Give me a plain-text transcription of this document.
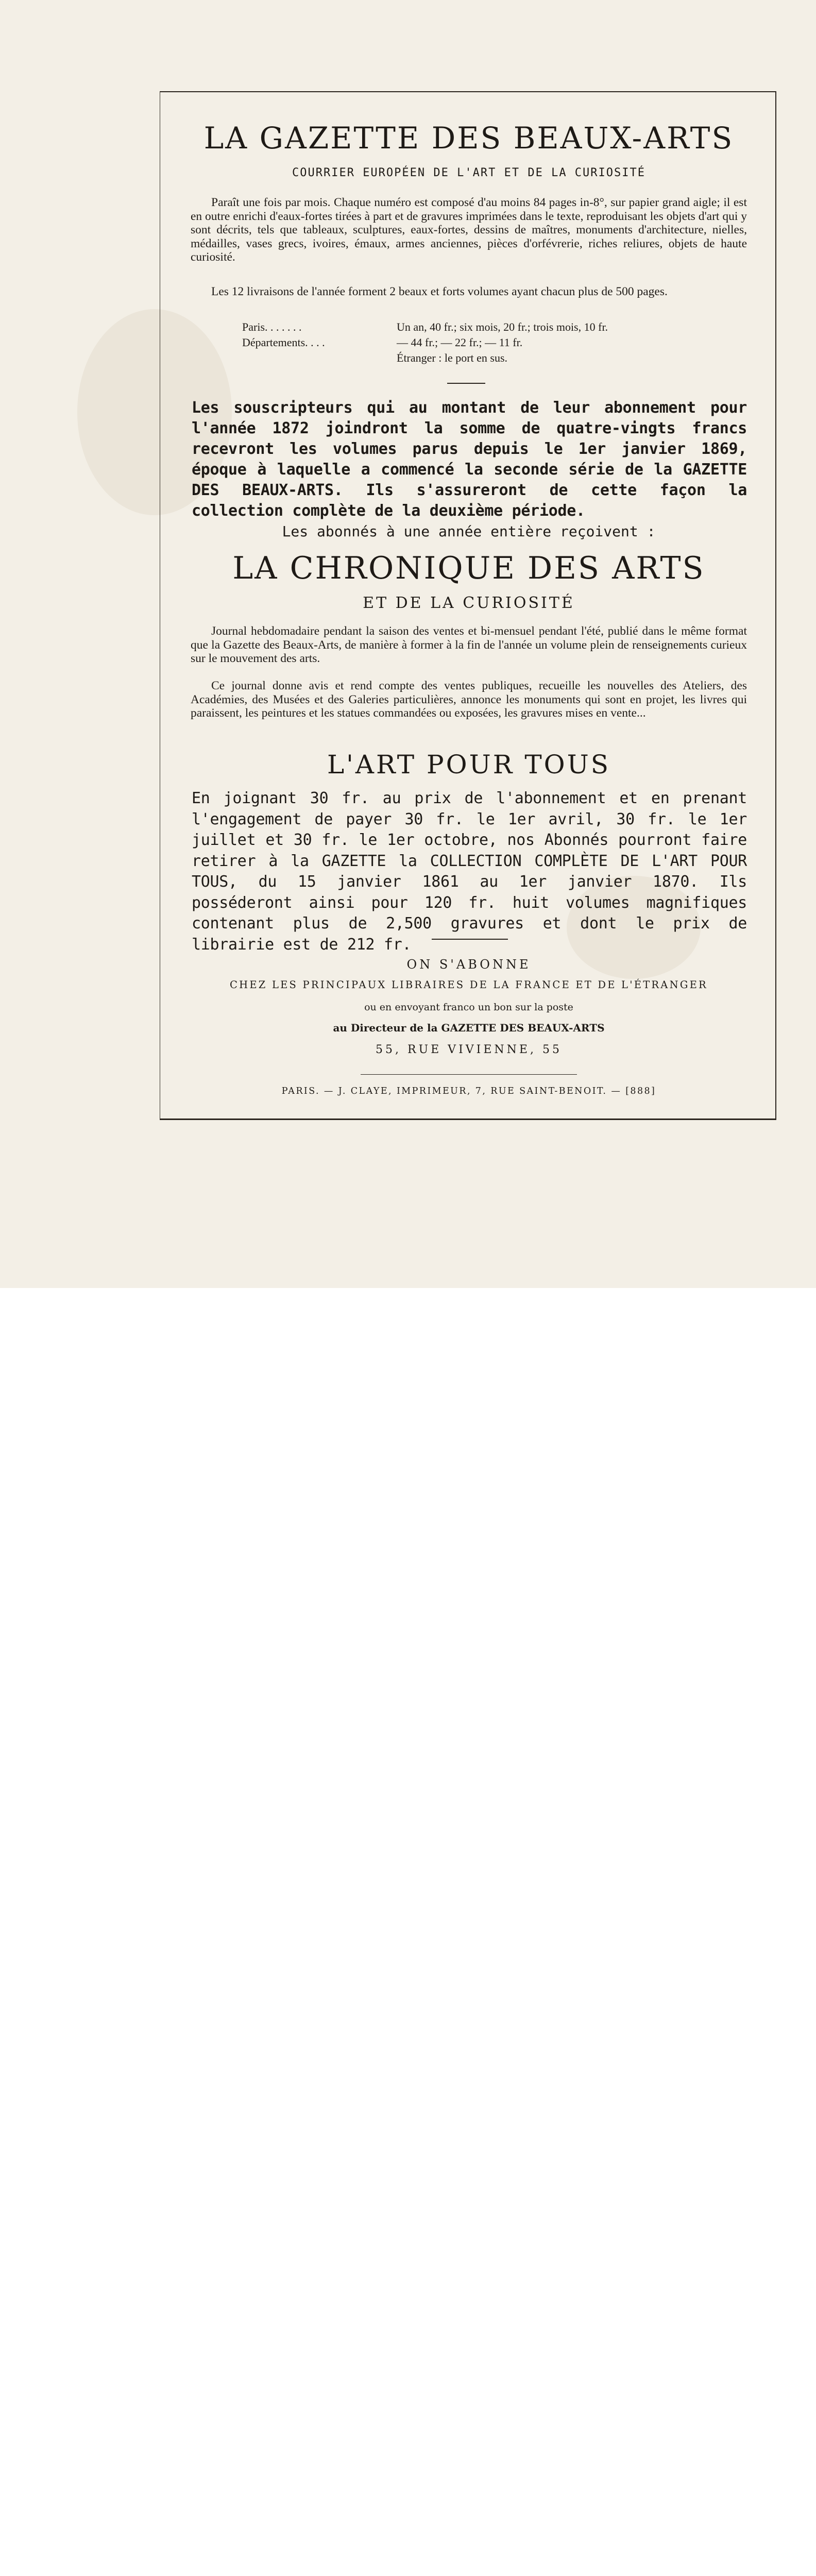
LA GAZETTE DES BEAUX-ARTS
COURRIER EUROPÉEN DE L'ART ET DE LA CURIOSITÉ
Paraît une fois par mois. Chaque numéro est composé d'au moins 84 pages in-8°, sur papier grand aigle; il est en outre enrichi d'eaux-fortes tirées à part et de gravures imprimées dans le texte, reproduisant les objets d'art qui y sont décrits, tels que tableaux, sculptures, eaux-fortes, dessins de maîtres, monuments d'architecture, nielles, médailles, vases grecs, ivoires, émaux, armes anciennes, pièces d'orfévrerie, riches reliures, objets de haute curiosité.
Les 12 livraisons de l'année forment 2 beaux et forts volumes ayant chacun plus de 500 pages.
Paris. . . . . . .	Un an, 40 fr.; six mois, 20 fr.; trois mois, 10 fr.
Départements. . . .	— 44 fr.; — 22 fr.; — 11 fr.
Étranger : le port en sus.
Les souscripteurs qui au montant de leur abonnement pour l'année 1872 joindront la somme de quatre-vingts francs recevront les volumes parus depuis le 1er janvier 1869, époque à laquelle a commencé la seconde série de la GAZETTE DES BEAUX-ARTS. Ils s'assureront de cette façon la collection complète de la deuxième période.
Les abonnés à une année entière reçoivent :
LA CHRONIQUE DES ARTS
ET DE LA CURIOSITÉ
Journal hebdomadaire pendant la saison des ventes et bi-mensuel pendant l'été, publié dans le même format que la Gazette des Beaux-Arts, de manière à former à la fin de l'année un volume plein de renseignements curieux sur le mouvement des arts.
Ce journal donne avis et rend compte des ventes publiques, recueille les nouvelles des Ateliers, des Académies, des Musées et des Galeries particulières, annonce les monuments qui sont en projet, les livres qui paraissent, les peintures et les statues commandées ou exposées, les gravures mises en vente...
L'ART POUR TOUS
En joignant 30 fr. au prix de l'abonnement et en prenant l'engagement de payer 30 fr. le 1er avril, 30 fr. le 1er juillet et 30 fr. le 1er octobre, nos Abonnés pourront faire retirer à la GAZETTE la COLLECTION COMPLÈTE DE L'ART POUR TOUS, du 15 janvier 1861 au 1er janvier 1870. Ils posséderont ainsi pour 120 fr. huit volumes magnifiques contenant plus de 2,500 gravures et dont le prix de librairie est de 212 fr.
ON S'ABONNE
CHEZ LES PRINCIPAUX LIBRAIRES DE LA FRANCE ET DE L'ÉTRANGER
ou en envoyant franco un bon sur la poste
au Directeur de la GAZETTE DES BEAUX-ARTS
55, RUE VIVIENNE, 55
PARIS. — J. CLAYE, IMPRIMEUR, 7, RUE SAINT-BENOIT. — [888]
